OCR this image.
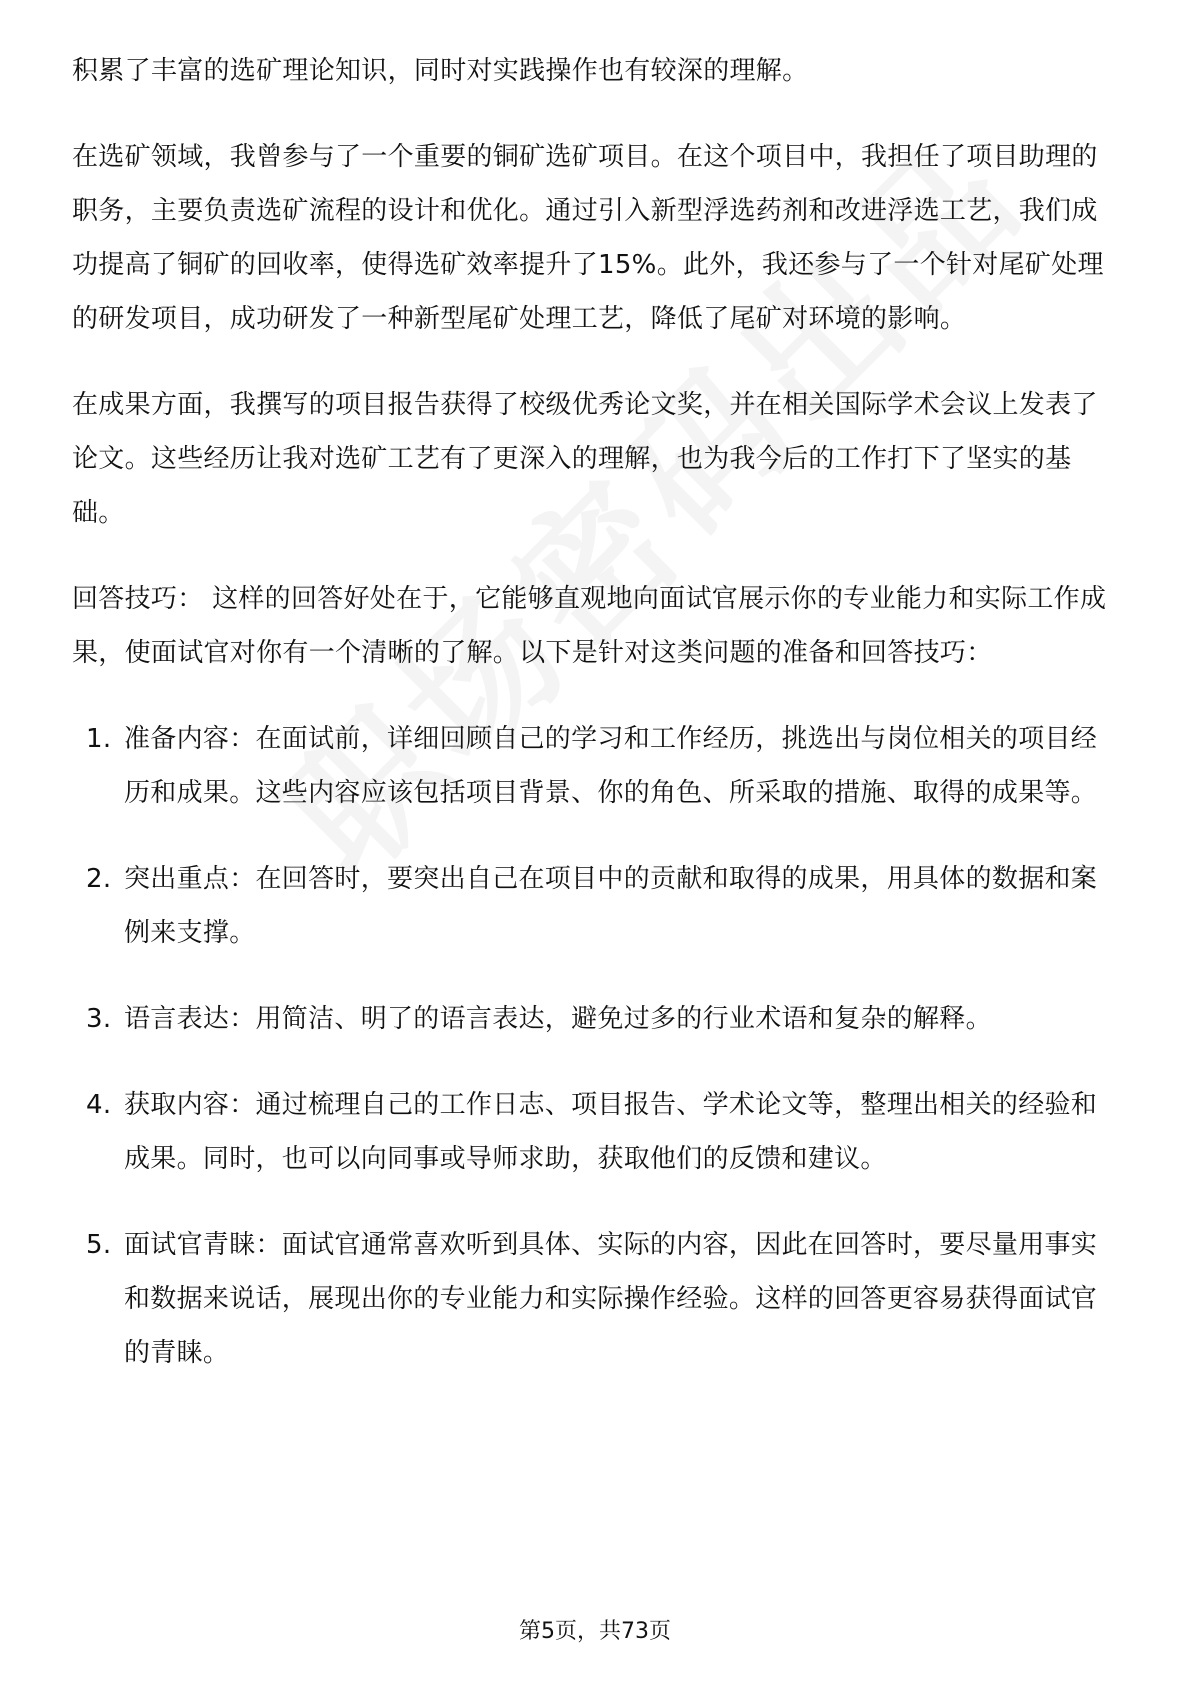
积累了丰富的选矿理论知识，同时对实践操作也有较深的理解。

在选矿领域，我曾参与了一个重要的铜矿选矿项目。在这个项目中，我担任了项目助理的职务，主要负责选矿流程的设计和优化。通过引入新型浮选药剂和改进浮选工艺，我们成功提高了铜矿的回收率，使得选矿效率提升了15%。此外，我还参与了一个针对尾矿处理的研发项目，成功研发了一种新型尾矿处理工艺，降低了尾矿对环境的影响。

在成果方面，我撰写的项目报告获得了校级优秀论文奖，并在相关国际学术会议上发表了论文。这些经历让我对选矿工艺有了更深入的理解，也为我今后的工作打下了坚实的基础。

回答技巧： 这样的回答好处在于，它能够直观地向面试官展示你的专业能力和实际工作成果，使面试官对你有一个清晰的了解。以下是针对这类问题的准备和回答技巧：

1. 准备内容：在面试前，详细回顾自己的学习和工作经历，挑选出与岗位相关的项目经历和成果。这些内容应该包括项目背景、你的角色、所采取的措施、取得的成果等。
2. 突出重点：在回答时，要突出自己在项目中的贡献和取得的成果，用具体的数据和案例来支撑。
3. 语言表达：用简洁、明了的语言表达，避免过多的行业术语和复杂的解释。
4. 获取内容：通过梳理自己的工作日志、项目报告、学术论文等，整理出相关的经验和成果。同时，也可以向同事或导师求助，获取他们的反馈和建议。
5. 面试官青睐：面试官通常喜欢听到具体、实际的内容，因此在回答时，要尽量用事实和数据来说话，展现出你的专业能力和实际操作经验。这样的回答更容易获得面试官的青睐。
第5页，共73页
